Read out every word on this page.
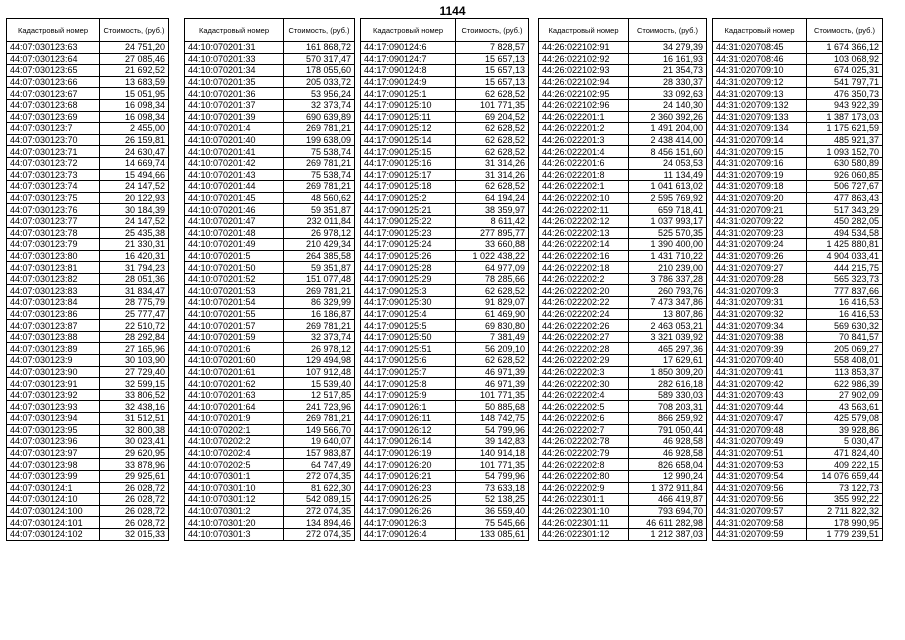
1144
Кадастровый номер	Стоимость, (руб.)
44:07:030123:63	24 751,20
44:07:030123:64	27 085,46
44:07:030123:65	21 692,52
44:07:030123:66	13 683,59
44:07:030123:67	15 051,95
44:07:030123:68	16 098,34
44:07:030123:69	16 098,34
44:07:030123:7	2 455,00
44:07:030123:70	26 159,81
44:07:030123:71	24 630,47
44:07:030123:72	14 669,74
44:07:030123:73	15 494,66
44:07:030123:74	24 147,52
44:07:030123:75	20 122,93
44:07:030123:76	30 184,39
44:07:030123:77	24 147,52
44:07:030123:78	25 435,38
44:07:030123:79	21 330,31
44:07:030123:80	16 420,31
44:07:030123:81	31 794,23
44:07:030123:82	28 051,36
44:07:030123:83	31 834,47
44:07:030123:84	28 775,79
44:07:030123:86	25 777,47
44:07:030123:87	22 510,72
44:07:030123:88	28 292,84
44:07:030123:89	27 165,96
44:07:030123:9	30 103,90
44:07:030123:90	27 729,40
44:07:030123:91	32 599,15
44:07:030123:92	33 806,52
44:07:030123:93	32 438,16
44:07:030123:94	31 512,51
44:07:030123:95	32 800,38
44:07:030123:96	30 023,41
44:07:030123:97	29 620,95
44:07:030123:98	33 878,96
44:07:030123:99	29 925,61
44:07:030124:1	26 028,72
44:07:030124:10	26 028,72
44:07:030124:100	26 028,72
44:07:030124:101	26 028,72
44:07:030124:102	32 015,33
Кадастровый номер	Стоимость, (руб.)
44:10:070201:31	161 868,72
44:10:070201:33	570 317,47
44:10:070201:34	178 055,60
44:10:070201:35	205 033,72
44:10:070201:36	53 956,24
44:10:070201:37	32 373,74
44:10:070201:39	690 639,89
44:10:070201:4	269 781,21
44:10:070201:40	199 638,09
44:10:070201:41	75 538,74
44:10:070201:42	269 781,21
44:10:070201:43	75 538,74
44:10:070201:44	269 781,21
44:10:070201:45	48 560,62
44:10:070201:46	59 351,87
44:10:070201:47	232 011,84
44:10:070201:48	26 978,12
44:10:070201:49	210 429,34
44:10:070201:5	264 385,58
44:10:070201:50	59 351,87
44:10:070201:52	151 077,48
44:10:070201:53	269 781,21
44:10:070201:54	86 329,99
44:10:070201:55	16 186,87
44:10:070201:57	269 781,21
44:10:070201:59	32 373,74
44:10:070201:6	26 978,12
44:10:070201:60	129 494,98
44:10:070201:61	107 912,48
44:10:070201:62	15 539,40
44:10:070201:63	12 517,85
44:10:070201:64	241 723,96
44:10:070201:9	269 781,21
44:10:070202:1	149 566,70
44:10:070202:2	19 640,07
44:10:070202:4	157 983,87
44:10:070202:5	64 747,49
44:10:070301:1	272 074,35
44:10:070301:10	81 622,30
44:10:070301:12	542 089,15
44:10:070301:2	272 074,35
44:10:070301:20	134 894,46
44:10:070301:3	272 074,35
Кадастровый номер	Стоимость, (руб.)
44:17:090124:6	7 828,57
44:17:090124:7	15 657,13
44:17:090124:8	15 657,13
44:17:090124:9	15 657,13
44:17:090125:1	62 628,52
44:17:090125:10	101 771,35
44:17:090125:11	69 204,52
44:17:090125:12	62 628,52
44:17:090125:14	62 628,52
44:17:090125:15	62 628,52
44:17:090125:16	31 314,26
44:17:090125:17	31 314,26
44:17:090125:18	62 628,52
44:17:090125:2	64 194,24
44:17:090125:21	38 359,97
44:17:090125:22	8 611,42
44:17:090125:23	277 895,77
44:17:090125:24	33 660,88
44:17:090125:26	1 022 438,22
44:17:090125:28	64 977,09
44:17:090125:29	78 285,66
44:17:090125:3	62 628,52
44:17:090125:30	91 829,07
44:17:090125:4	61 469,90
44:17:090125:5	69 830,80
44:17:090125:50	7 381,49
44:17:090125:51	56 209,10
44:17:090125:6	62 628,52
44:17:090125:7	46 971,39
44:17:090125:8	46 971,39
44:17:090125:9	101 771,35
44:17:090126:1	50 885,68
44:17:090126:11	148 742,75
44:17:090126:12	54 799,96
44:17:090126:14	39 142,83
44:17:090126:19	140 914,18
44:17:090126:20	101 771,35
44:17:090126:21	54 799,96
44:17:090126:23	73 633,18
44:17:090126:25	52 138,25
44:17:090126:26	36 559,40
44:17:090126:3	75 545,66
44:17:090126:4	133 085,61
Кадастровый номер	Стоимость, (руб.)
44:26:022102:91	34 279,39
44:26:022102:92	16 161,93
44:26:022102:93	21 354,73
44:26:022102:94	28 330,37
44:26:022102:95	33 092,63
44:26:022102:96	24 140,30
44:26:022201:1	2 360 392,26
44:26:022201:2	1 491 204,00
44:26:022201:3	2 438 414,00
44:26:022201:4	8 456 151,60
44:26:022201:6	24 053,53
44:26:022201:8	11 134,49
44:26:022202:1	1 041 613,02
44:26:022202:10	2 595 769,92
44:26:022202:11	659 718,41
44:26:022202:12	1 037 993,17
44:26:022202:13	525 570,35
44:26:022202:14	1 390 400,00
44:26:022202:16	1 431 710,22
44:26:022202:18	210 239,00
44:26:022202:2	3 786 337,28
44:26:022202:20	260 793,76
44:26:022202:22	7 473 347,86
44:26:022202:24	13 807,86
44:26:022202:26	2 463 053,21
44:26:022202:27	3 321 039,92
44:26:022202:28	465 297,36
44:26:022202:29	17 629,61
44:26:022202:3	1 850 309,20
44:26:022202:30	282 616,18
44:26:022202:4	589 330,03
44:26:022202:5	708 203,31
44:26:022202:6	866 259,92
44:26:022202:7	791 050,44
44:26:022202:78	46 928,58
44:26:022202:79	46 928,58
44:26:022202:8	826 658,04
44:26:022202:80	12 990,24
44:26:022202:9	1 372 911,84
44:26:022301:1	466 419,87
44:26:022301:10	793 694,70
44:26:022301:11	46 611 282,98
44:26:022301:12	1 212 387,03
Кадастровый номер	Стоимость, (руб.)
44:31:020708:45	1 674 366,12
44:31:020708:46	103 068,92
44:31:020709:10	674 025,31
44:31:020709:12	541 797,71
44:31:020709:13	476 350,73
44:31:020709:132	943 922,39
44:31:020709:133	1 387 173,03
44:31:020709:134	1 175 621,59
44:31:020709:14	485 921,37
44:31:020709:15	1 093 152,70
44:31:020709:16	630 580,89
44:31:020709:19	926 060,85
44:31:020709:18	506 727,67
44:31:020709:20	477 863,43
44:31:020709:21	517 343,29
44:31:020709:22	450 282,05
44:31:020709:23	494 534,58
44:31:020709:24	1 425 880,81
44:31:020709:26	4 904 033,41
44:31:020709:27	444 215,75
44:31:020709:28	565 323,73
44:31:020709:3	777 837,66
44:31:020709:31	16 416,53
44:31:020709:32	16 416,53
44:31:020709:34	569 630,32
44:31:020709:38	70 841,57
44:31:020709:39	205 069,27
44:31:020709:40	558 408,01
44:31:020709:41	113 853,37
44:31:020709:42	622 986,39
44:31:020709:43	27 902,09
44:31:020709:44	43 563,61
44:31:020709:47	425 579,08
44:31:020709:48	39 928,86
44:31:020709:49	5 030,47
44:31:020709:51	471 824,40
44:31:020709:53	409 222,15
44:31:020709:54	14 076 659,44
44:31:020709:56	73 122,73
44:31:020709:56	355 992,22
44:31:020709:57	2 711 822,32
44:31:020709:58	178 990,95
44:31:020709:59	1 779 239,51
